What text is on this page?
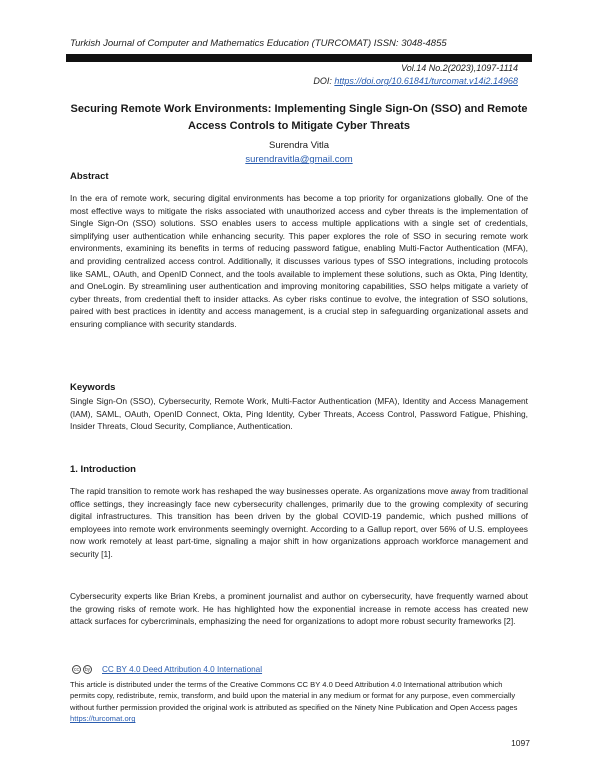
Turkish Journal of Computer and Mathematics Education (TURCOMAT) ISSN: 3048-4855
Vol.14 No.2(2023),1097-1114
DOI: https://doi.org/10.61841/turcomat.v14i2.14968
Securing Remote Work Environments: Implementing Single Sign-On (SSO) and Remote Access Controls to Mitigate Cyber Threats
Surendra Vitla
surendravitla@gmail.com
Abstract
In the era of remote work, securing digital environments has become a top priority for organizations globally. One of the most effective ways to mitigate the risks associated with unauthorized access and cyber threats is the implementation of Single Sign-On (SSO) solutions. SSO enables users to access multiple applications with a single set of credentials, simplifying user authentication while enhancing security. This paper explores the role of SSO in securing remote work environments, examining its benefits in terms of reducing password fatigue, enabling Multi-Factor Authentication (MFA), and providing centralized access control. Additionally, it discusses various types of SSO integrations, including protocols like SAML, OAuth, and OpenID Connect, and the tools available to implement these solutions, such as Okta, Ping Identity, and OneLogin. By streamlining user authentication and improving monitoring capabilities, SSO helps mitigate a variety of cyber threats, from credential theft to insider attacks. As cyber risks continue to evolve, the integration of SSO solutions, paired with best practices in identity and access management, is a crucial step in safeguarding organizational assets and ensuring compliance with security standards.
Keywords
Single Sign-On (SSO), Cybersecurity, Remote Work, Multi-Factor Authentication (MFA), Identity and Access Management (IAM), SAML, OAuth, OpenID Connect, Okta, Ping Identity, Cyber Threats, Access Control, Password Fatigue, Phishing, Insider Threats, Cloud Security, Compliance, Authentication.
1. Introduction
The rapid transition to remote work has reshaped the way businesses operate. As organizations move away from traditional office settings, they increasingly face new cybersecurity challenges, primarily due to the growing complexity of securing digital infrastructures. This transition has been driven by the global COVID-19 pandemic, which pushed millions of employees into remote work environments seemingly overnight. According to a Gallup report, over 56% of U.S. employees now work remotely at least part-time, signaling a major shift in how organizations approach workforce management and security [1].
Cybersecurity experts like Brian Krebs, a prominent journalist and author on cybersecurity, have frequently warned about the growing risks of remote work. He has highlighted how the exponential increase in remote access has created new attack surfaces for cybercriminals, emphasizing the need for organizations to adopt more robust security frameworks [2].
cc	by CC BY 4.0 Deed Attribution 4.0 International
This article is distributed under the terms of the Creative Commons CC BY 4.0 Deed Attribution 4.0 International attribution which permits copy, redistribute, remix, transform, and build upon the material in any medium or format for any purpose, even commercially without further permission provided the original work is attributed as specified on the Ninety Nine Publication and Open Access pages https://turcomat.org
1097
